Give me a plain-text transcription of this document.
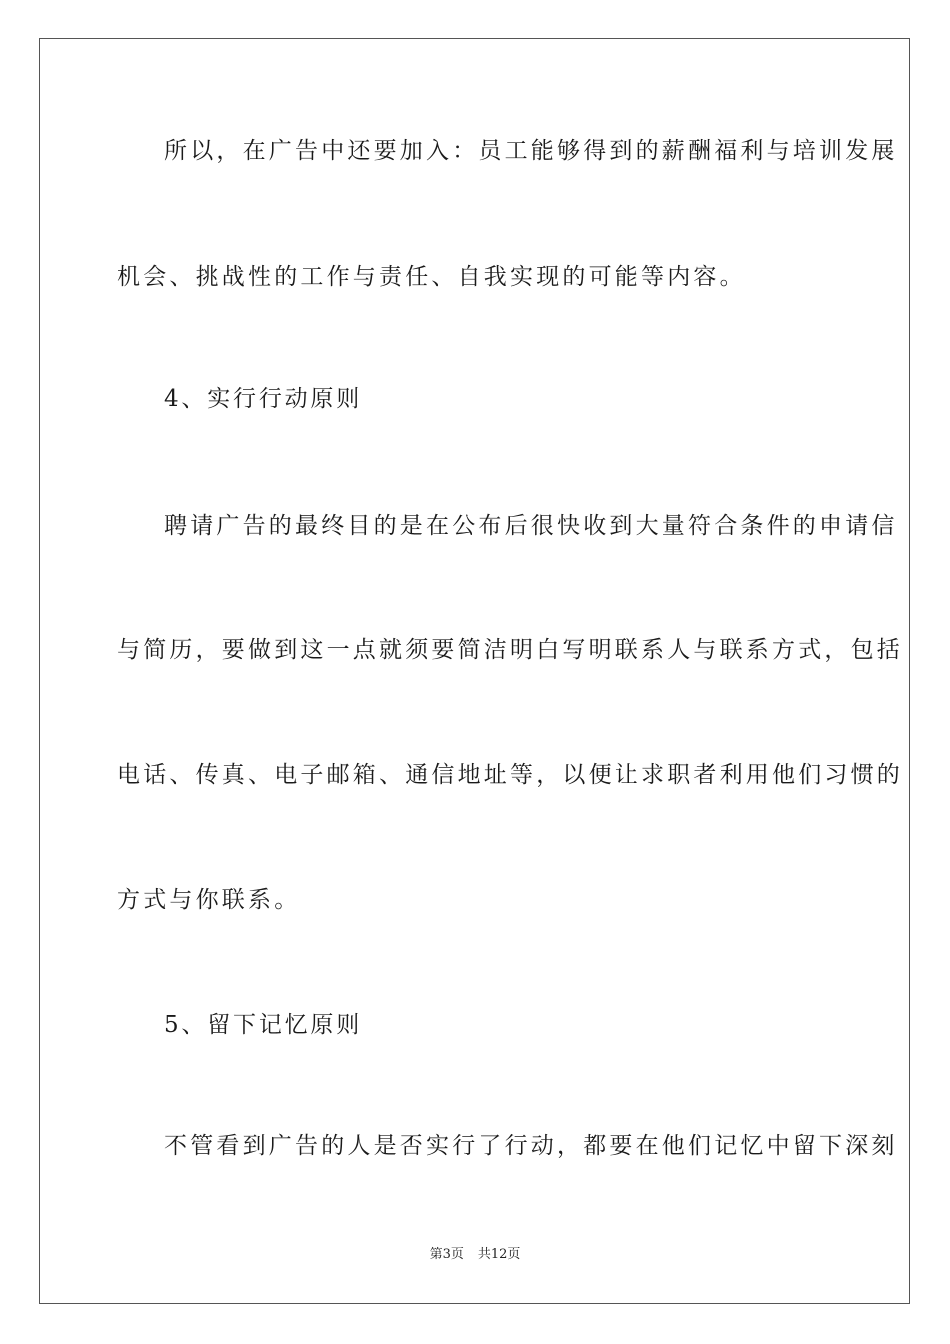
所以，在广告中还要加入：员工能够得到的薪酬福利与培训发展
机会、挑战性的工作与责任、自我实现的可能等内容。
4、实行行动原则
聘请广告的最终目的是在公布后很快收到大量符合条件的申请信
与简历，要做到这一点就须要简洁明白写明联系人与联系方式，包括
电话、传真、电子邮箱、通信地址等，以便让求职者利用他们习惯的
方式与你联系。
5、留下记忆原则
不管看到广告的人是否实行了行动，都要在他们记忆中留下深刻
第3页 共12页
